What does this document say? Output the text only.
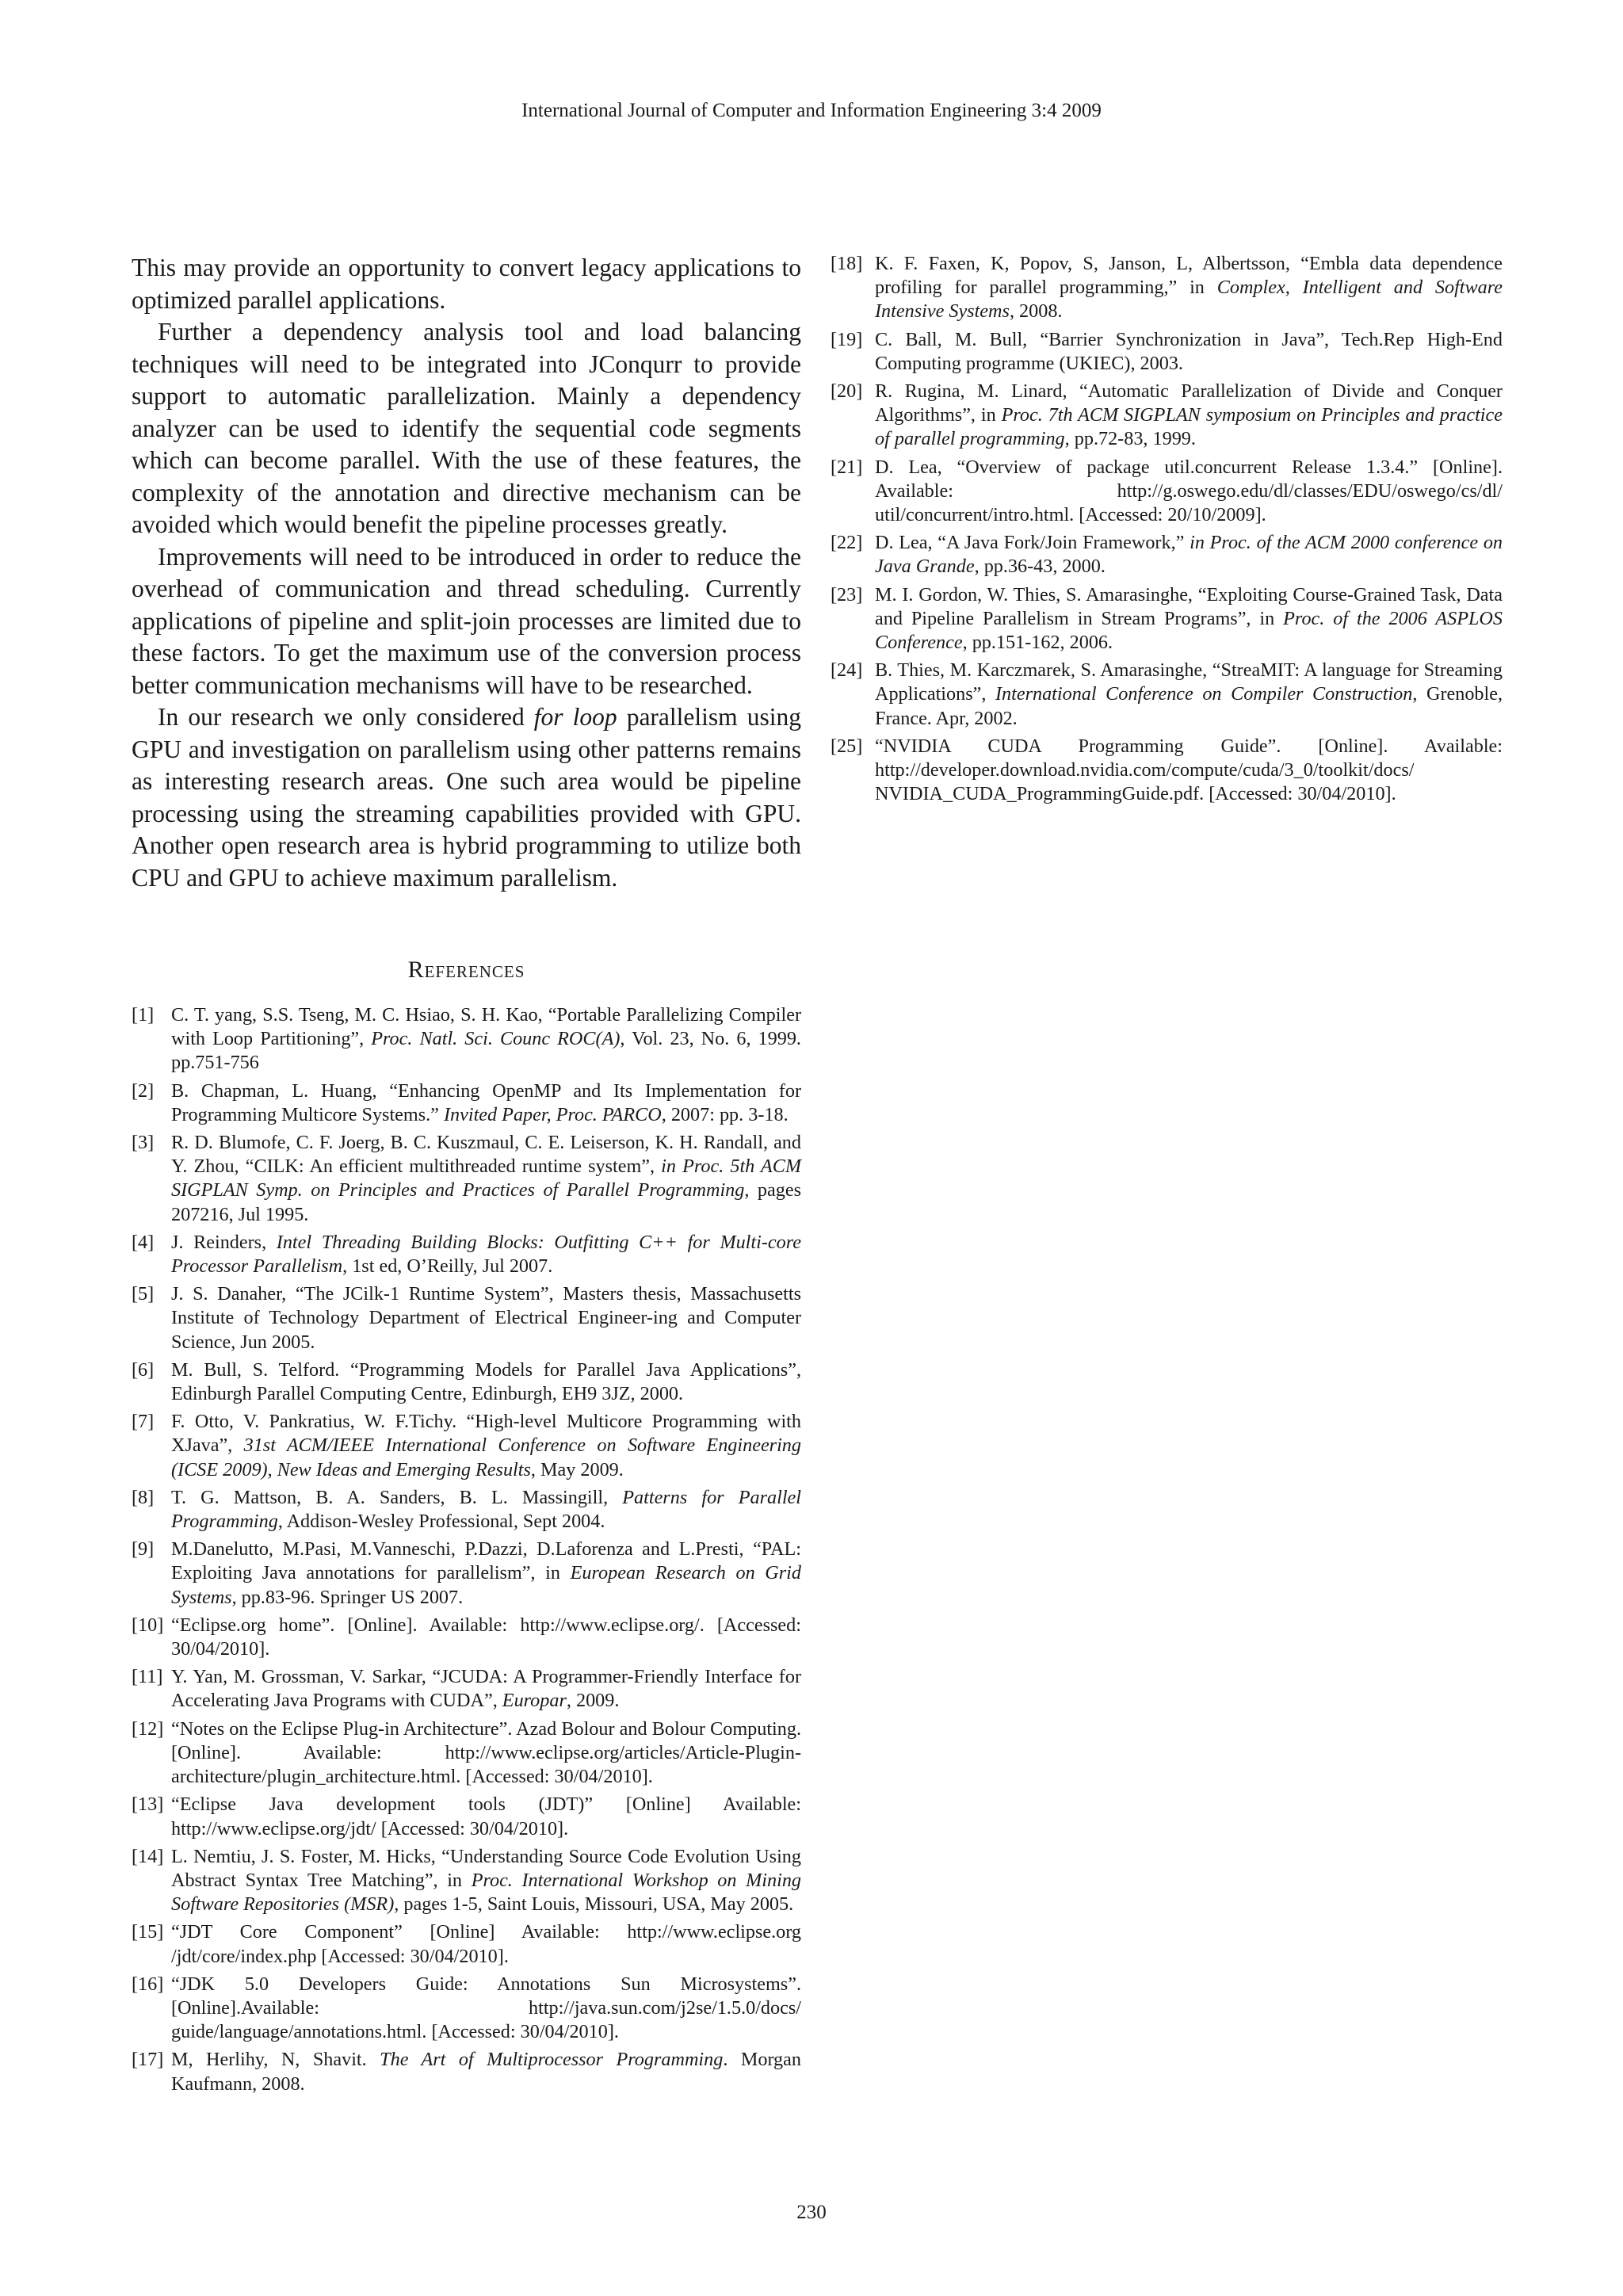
International Journal of Computer and Information Engineering 3:4 2009

This may provide an opportunity to convert legacy applications to optimized parallel applications.

Further a dependency analysis tool and load balancing techniques will need to be integrated into JConqurr to provide support to automatic parallelization. Mainly a dependency analyzer can be used to identify the sequential code segments which can become parallel. With the use of these features, the complexity of the annotation and directive mechanism can be avoided which would benefit the pipeline processes greatly.

Improvements will need to be introduced in order to reduce the overhead of communication and thread scheduling. Currently applications of pipeline and split-join processes are limited due to these factors. To get the maximum use of the conversion process better communication mechanisms will have to be researched.

In our research we only considered for loop parallelism using GPU and investigation on parallelism using other patterns remains as interesting research areas. One such area would be pipeline processing using the streaming capabilities provided with GPU. Another open research area is hybrid programming to utilize both CPU and GPU to achieve maximum parallelism.

References
[1] C. T. yang, S.S. Tseng, M. C. Hsiao, S. H. Kao, “Portable Parallelizing Compiler with Loop Partitioning”, Proc. Natl. Sci. Counc ROC(A), Vol. 23, No. 6, 1999. pp.751-756
[2] B. Chapman, L. Huang, “Enhancing OpenMP and Its Implementation for Programming Multicore Systems.” Invited Paper, Proc. PARCO, 2007: pp. 3-18.
[3] R. D. Blumofe, C. F. Joerg, B. C. Kuszmaul, C. E. Leiserson, K. H. Randall, and Y. Zhou, “CILK: An efficient multithreaded runtime system”, in Proc. 5th ACM SIGPLAN Symp. on Principles and Practices of Parallel Programming, pages 207216, Jul 1995.
[4] J. Reinders, Intel Threading Building Blocks: Outfitting C++ for Multi-core Processor Parallelism, 1st ed, O’Reilly, Jul 2007.
[5] J. S. Danaher, “The JCilk-1 Runtime System”, Masters thesis, Massachusetts Institute of Technology Department of Electrical Engineer-ing and Computer Science, Jun 2005.
[6] M. Bull, S. Telford. “Programming Models for Parallel Java Applications”, Edinburgh Parallel Computing Centre, Edinburgh, EH9 3JZ, 2000.
[7] F. Otto, V. Pankratius, W. F.Tichy. “High-level Multicore Programming with XJava”, 31st ACM/IEEE International Conference on Software Engineering (ICSE 2009), New Ideas and Emerging Results, May 2009.
[8] T. G. Mattson, B. A. Sanders, B. L. Massingill, Patterns for Parallel Programming, Addison-Wesley Professional, Sept 2004.
[9] M.Danelutto, M.Pasi, M.Vanneschi, P.Dazzi, D.Laforenza and L.Presti, “PAL: Exploiting Java annotations for parallelism”, in European Research on Grid Systems, pp.83-96. Springer US 2007.
[10] “Eclipse.org home”. [Online]. Available: http://www.eclipse.org/. [Accessed: 30/04/2010].
[11] Y. Yan, M. Grossman, V. Sarkar, “JCUDA: A Programmer-Friendly Interface for Accelerating Java Programs with CUDA”, Europar, 2009.
[12] “Notes on the Eclipse Plug-in Architecture”. Azad Bolour and Bolour Computing. [Online]. Available: http://www.eclipse.org/articles/Article-Plugin- architecture/plugin_architecture.html. [Accessed: 30/04/2010].
[13] “Eclipse Java development tools (JDT)” [Online] Available: http://www.eclipse.org/jdt/ [Accessed: 30/04/2010].
[14] L. Nemtiu, J. S. Foster, M. Hicks, “Understanding Source Code Evolution Using Abstract Syntax Tree Matching”, in Proc. International Workshop on Mining Software Repositories (MSR), pages 1-5, Saint Louis, Missouri, USA, May 2005.
[15] “JDT Core Component” [Online] Available: http://www.eclipse.org /jdt/core/index.php [Accessed: 30/04/2010].
[16] “JDK 5.0 Developers Guide: Annotations Sun Microsystems”. [Online].Available: http://java.sun.com/j2se/1.5.0/docs/ guide/language/annotations.html. [Accessed: 30/04/2010].
[17] M, Herlihy, N, Shavit. The Art of Multiprocessor Programming. Morgan Kaufmann, 2008.
[18] K. F. Faxen, K, Popov, S, Janson, L, Albertsson, “Embla data dependence profiling for parallel programming,” in Complex, Intelligent and Software Intensive Systems, 2008.
[19] C. Ball, M. Bull, “Barrier Synchronization in Java”, Tech.Rep High-End Computing programme (UKIEC), 2003.
[20] R. Rugina, M. Linard, “Automatic Parallelization of Divide and Conquer Algorithms”, in Proc. 7th ACM SIGPLAN symposium on Principles and practice of parallel programming, pp.72-83, 1999.
[21] D. Lea, “Overview of package util.concurrent Release 1.3.4.” [Online]. Available: http://g.oswego.edu/dl/classes/EDU/oswego/cs/dl/ util/concurrent/intro.html. [Accessed: 20/10/2009].
[22] D. Lea, “A Java Fork/Join Framework,” in Proc. of the ACM 2000 conference on Java Grande, pp.36-43, 2000.
[23] M. I. Gordon, W. Thies, S. Amarasinghe, “Exploiting Course-Grained Task, Data and Pipeline Parallelism in Stream Programs”, in Proc. of the 2006 ASPLOS Conference, pp.151-162, 2006.
[24] B. Thies, M. Karczmarek, S. Amarasinghe, “StreaMIT: A language for Streaming Applications”, International Conference on Compiler Construction, Grenoble, France. Apr, 2002.
[25] “NVIDIA CUDA Programming Guide”. [Online]. Available: http://developer.download.nvidia.com/compute/cuda/3_0/toolkit/docs/ NVIDIA_CUDA_ProgrammingGuide.pdf. [Accessed: 30/04/2010].
230
